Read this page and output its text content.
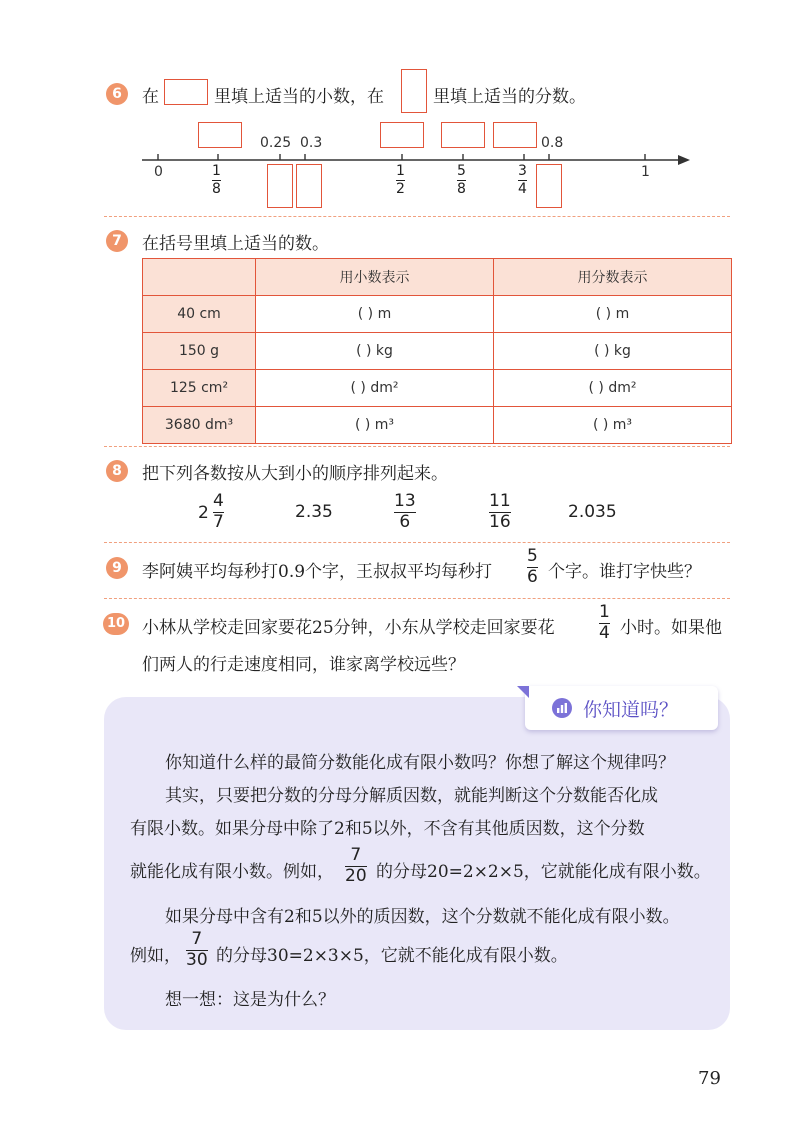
6	在	里填上适当的小数，在	里填上适当的分数。
0.25 0.3	0.8
0	1
1
8
1
2
5
8
3
4
7	在括号里填上适当的数。
	用小数表示	用分数表示
40 cm	( ) m	( ) m
150 g	( ) kg	( ) kg
125 cm²	( ) dm²	( ) dm²
3680 dm³	( ) m³	( ) m³
8	把下列各数按从大到小的顺序排列起来。
2
4
7	2.35
13
6
11
16	2.035
9	李阿姨平均每秒打0.9个字，王叔叔平均每秒打
5
6 个字。谁打字快些？
10 小林从学校走回家要花25分钟，小东从学校走回家要花
1
4 小时。如果他
们两人的行走速度相同，谁家离学校远些？
你知道吗？
你知道什么样的最简分数能化成有限小数吗？你想了解这个规律吗？
其实，只要把分数的分母分解质因数，就能判断这个分数能否化成
有限小数。如果分母中除了2和5以外，不含有其他质因数，这个分数
就能化成有限小数。例如，
7
20 的分母20=2×2×5，它就能化成有限小数。
如果分母中含有2和5以外的质因数，这个分数就不能化成有限小数。
例如，
7
30 的分母30=2×3×5，它就不能化成有限小数。
想一想：这是为什么？
79
